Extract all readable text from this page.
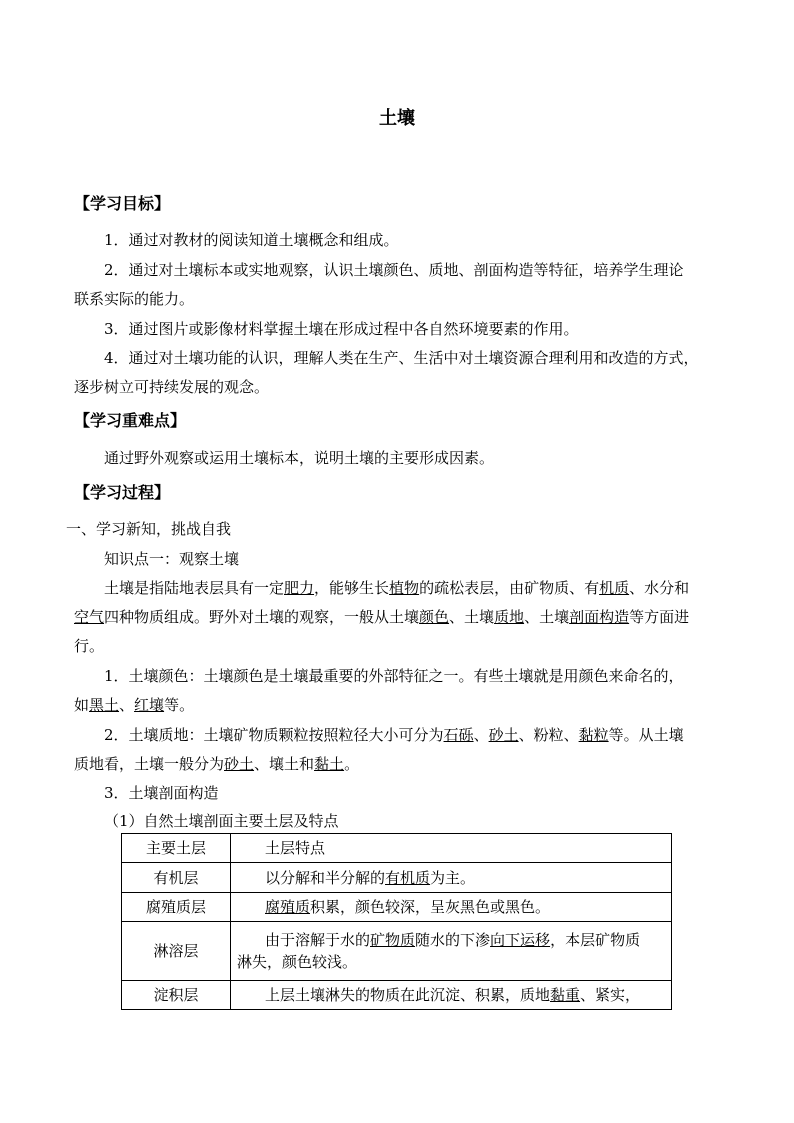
土壤
【学习目标】
1．通过对教材的阅读知道土壤概念和组成。
2．通过对土壤标本或实地观察，认识土壤颜色、质地、剖面构造等特征，培养学生理论
联系实际的能力。
3．通过图片或影像材料掌握土壤在形成过程中各自然环境要素的作用。
4．通过对土壤功能的认识，理解人类在生产、生活中对土壤资源合理利用和改造的方式，
逐步树立可持续发展的观念。
【学习重难点】
通过野外观察或运用土壤标本，说明土壤的主要形成因素。
【学习过程】
一、学习新知，挑战自我
知识点一：观察土壤
土壤是指陆地表层具有一定肥力，能够生长植物的疏松表层，由矿物质、有机质、水分和
空气四种物质组成。野外对土壤的观察，一般从土壤颜色、土壤质地、土壤剖面构造等方面进
行。
1．土壤颜色：土壤颜色是土壤最重要的外部特征之一。有些土壤就是用颜色来命名的，
如黑土、红壤等。
2．土壤质地：土壤矿物质颗粒按照粒径大小可分为石砾、砂土、粉粒、黏粒等。从土壤
质地看，土壤一般分为砂土、壤土和黏土。
3．土壤剖面构造
（1）自然土壤剖面主要土层及特点
主要土层	土层特点
有机层	以分解和半分解的有机质为主。
腐殖质层	腐殖质积累，颜色较深，呈灰黑色或黑色。
淋溶层	由于溶解于水的矿物质随水的下渗向下运移，本层矿物质
淋失，颜色较浅。

淀积层	上层土壤淋失的物质在此沉淀、积累，质地黏重、紧实，
